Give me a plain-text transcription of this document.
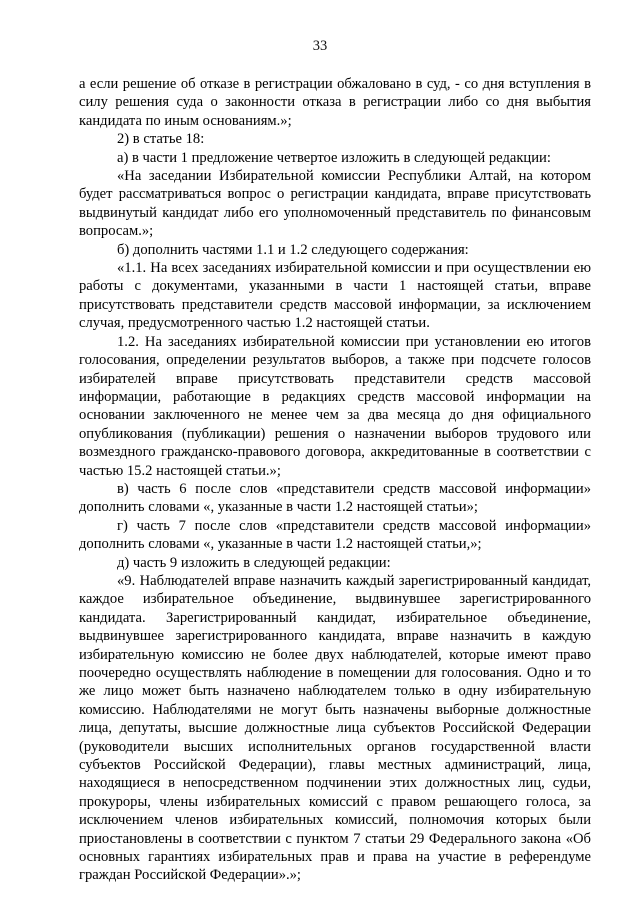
33

а если решение об отказе в регистрации обжаловано в суд, - со дня вступления в силу решения суда о законности отказа в регистрации либо со дня выбытия кандидата по иным основаниям.»;

2) в статье 18:

а) в части 1 предложение четвертое изложить в следующей редакции:

«На заседании Избирательной комиссии Республики Алтай, на котором будет рассматриваться вопрос о регистрации кандидата, вправе присутствовать выдвинутый кандидат либо его уполномоченный представитель по финансовым вопросам.»;

б) дополнить частями 1.1 и 1.2 следующего содержания:

«1.1. На всех заседаниях избирательной комиссии и при осуществлении ею работы с документами, указанными в части 1 настоящей статьи, вправе присутствовать представители средств массовой информации, за исключением случая, предусмотренного частью 1.2 настоящей статьи.

1.2. На заседаниях избирательной комиссии при установлении ею итогов голосования, определении результатов выборов, а также при подсчете голосов избирателей вправе присутствовать представители средств массовой информации, работающие в редакциях средств массовой информации на основании заключенного не менее чем за два месяца до дня официального опубликования (публикации) решения о назначении выборов трудового или возмездного гражданско-правового договора, аккредитованные в соответствии с частью 15.2 настоящей статьи.»;

в) часть 6 после слов «представители средств массовой информации» дополнить словами «, указанные в части 1.2 настоящей статьи»;

г) часть 7 после слов «представители средств массовой информации» дополнить словами «, указанные в части 1.2 настоящей статьи,»;

д) часть 9 изложить в следующей редакции:

«9. Наблюдателей вправе назначить каждый зарегистрированный кандидат, каждое избирательное объединение, выдвинувшее зарегистрированного кандидата. Зарегистрированный кандидат, избирательное объединение, выдвинувшее зарегистрированного кандидата, вправе назначить в каждую избирательную комиссию не более двух наблюдателей, которые имеют право поочередно осуществлять наблюдение в помещении для голосования. Одно и то же лицо может быть назначено наблюдателем только в одну избирательную комиссию. Наблюдателями не могут быть назначены выборные должностные лица, депутаты, высшие должностные лица субъектов Российской Федерации (руководители высших исполнительных органов государственной власти субъектов Российской Федерации), главы местных администраций, лица, находящиеся в непосредственном подчинении этих должностных лиц, судьи, прокуроры, члены избирательных комиссий с правом решающего голоса, за исключением членов избирательных комиссий, полномочия которых были приостановлены в соответствии с пунктом 7 статьи 29 Федерального закона «Об основных гарантиях избирательных прав и права на участие в референдуме граждан Российской Федерации».»;
